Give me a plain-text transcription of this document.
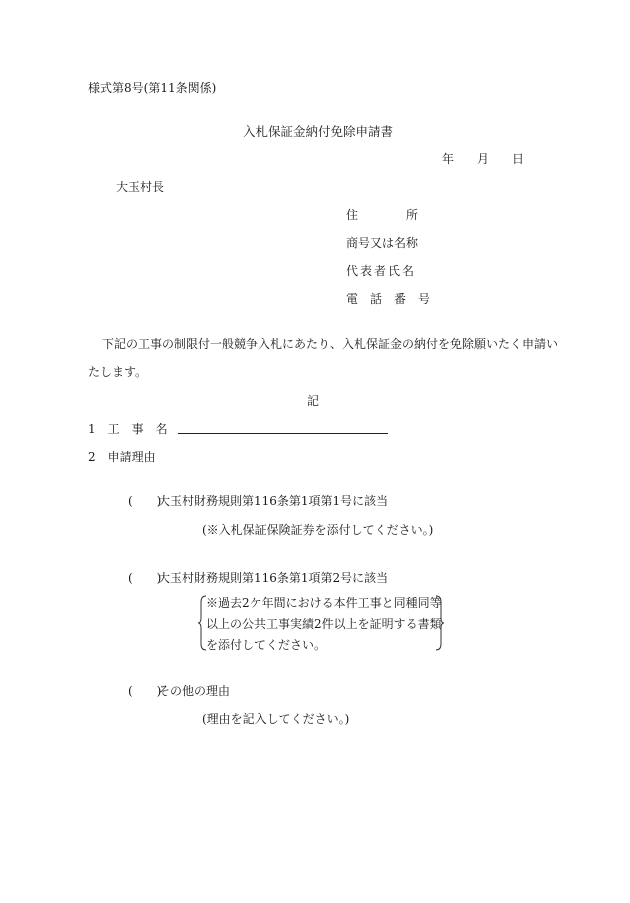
様式第8号(第11条関係)
入札保証金納付免除申請書
年 月 日
大玉村長
住　　　　所
商号又は名称
代表者氏名
電　話　番　号
下記の工事の制限付一般競争入札にあたり、入札保証金の納付を免除願いたく申請い
たします。
記
1　工　事　名
2　申請理由
(　　)
大玉村財務規則第116条第1項第1号に該当
(※入札保証保険証券を添付してください。)
(　　)
大玉村財務規則第116条第1項第2号に該当
※過去2ケ年間における本件工事と同種同等
以上の公共工事実績2件以上を証明する書類
を添付してください。
(　　)
その他の理由
(理由を記入してください。)
